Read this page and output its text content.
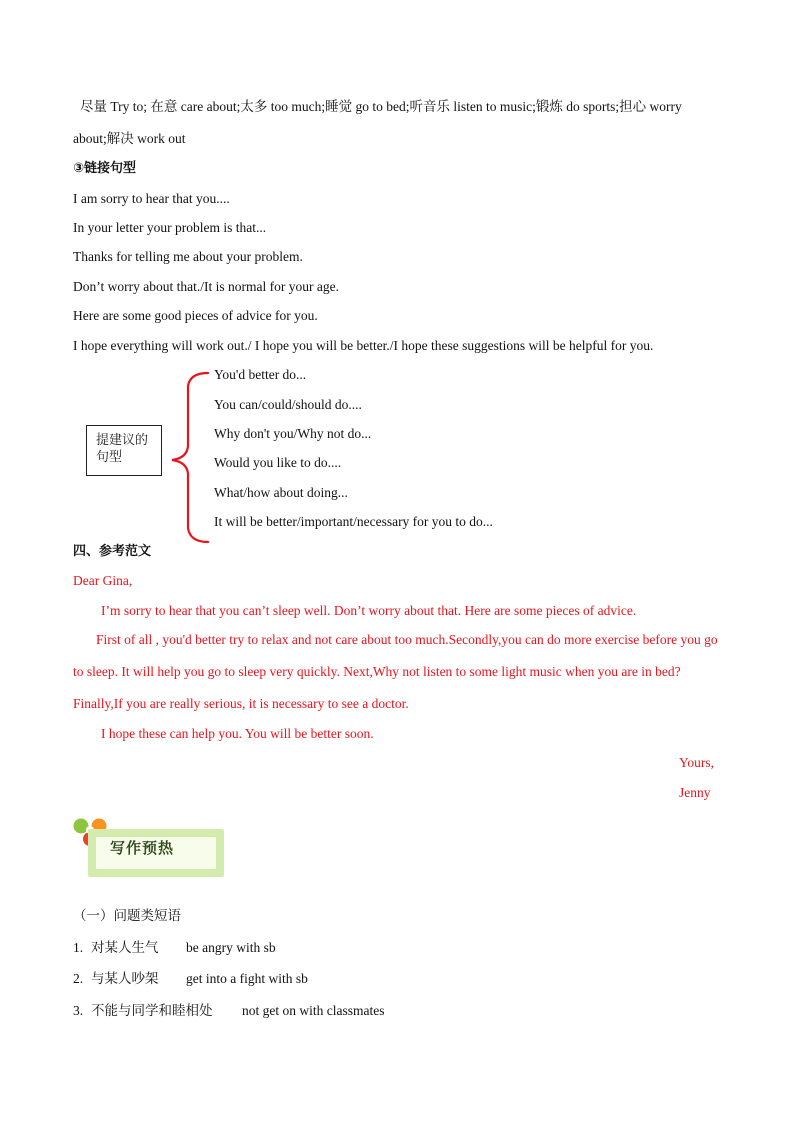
尽量 Try to; 在意 care about;太多 too much;睡觉 go to bed;听音乐 listen to music;锻炼 do sports;担心 worry
about;解决 work out
③链接句型
I am sorry to hear that you....
In your letter your problem is that...
Thanks for telling me about your problem.
Don’t worry about that./It is normal for your age.
Here are some good pieces of advice for you.
I hope everything will work out./ I hope you will be better./I hope these suggestions will be helpful for you.
提建议的
句型
You'd better do...
You can/could/should do....
Why don't you/Why not do...
Would you like to do....
What/how about doing...
It will be better/important/necessary for you to do...
四、参考范文
Dear Gina,
I’m sorry to hear that you can’t sleep well. Don’t worry about that. Here are some pieces of advice.
First of all , you'd better try to relax and not care about too much.Secondly,you can do more exercise before you go
to sleep. It will help you go to sleep very quickly. Next,Why not listen to some light music when you are in bed?
Finally,If you are really serious, it is necessary to see a doctor.
I hope these can help you. You will be better soon.
Yours,
Jenny
写作预热
（一）问题类短语
1. 对某人生气 be angry with sb
2. 与某人吵架 get into a fight with sb
3. 不能与同学和睦相处 not get on with classmates
